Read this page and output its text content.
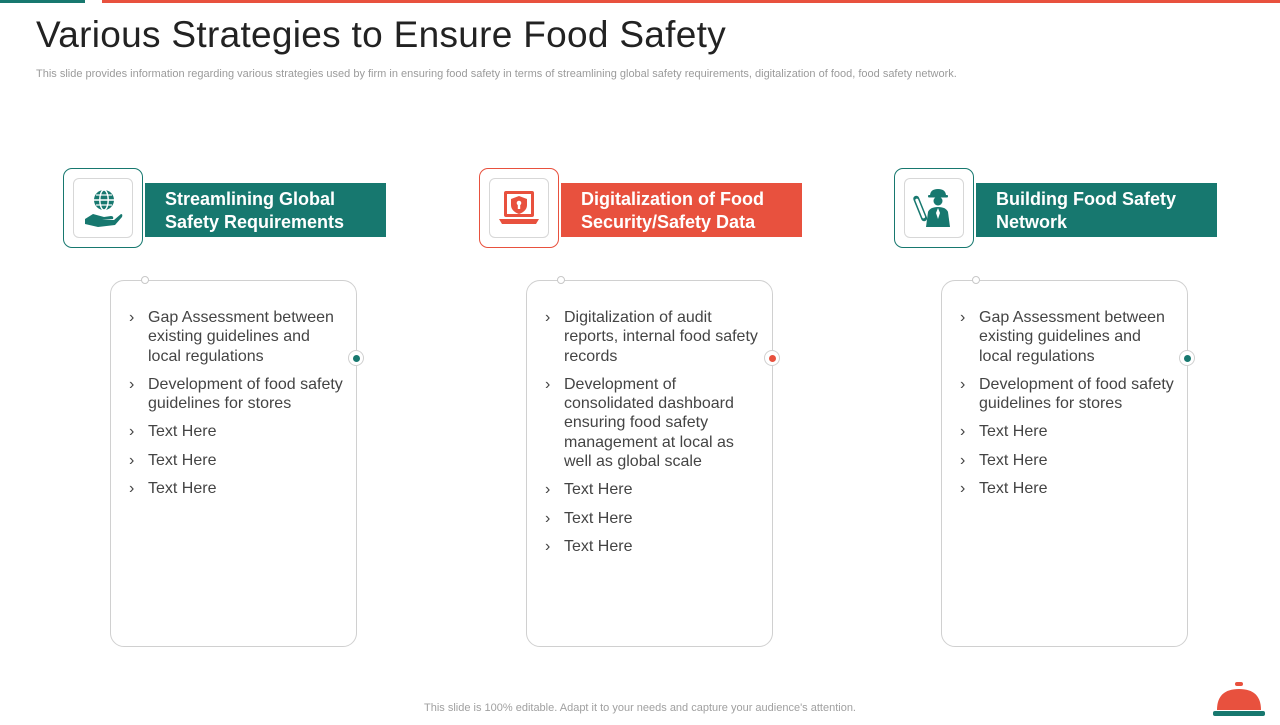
Various Strategies to Ensure Food Safety
This slide provides information regarding various strategies used by firm in ensuring food safety in terms of streamlining global safety requirements, digitalization of food, food safety network.
Streamlining Global Safety Requirements
› Gap Assessment between existing guidelines and local regulations
› Development of food safety guidelines for stores
› Text Here
› Text Here
› Text Here
Digitalization of Food Security/Safety Data
› Digitalization of audit reports, internal food safety records
› Development of consolidated dashboard ensuring food safety management at local as well as global scale
› Text Here
› Text Here
› Text Here
Building Food Safety Network
› Gap Assessment between existing guidelines and local regulations
› Development of food safety guidelines for stores
› Text Here
› Text Here
› Text Here
This slide is 100% editable. Adapt it to your needs and capture your audience's attention.
